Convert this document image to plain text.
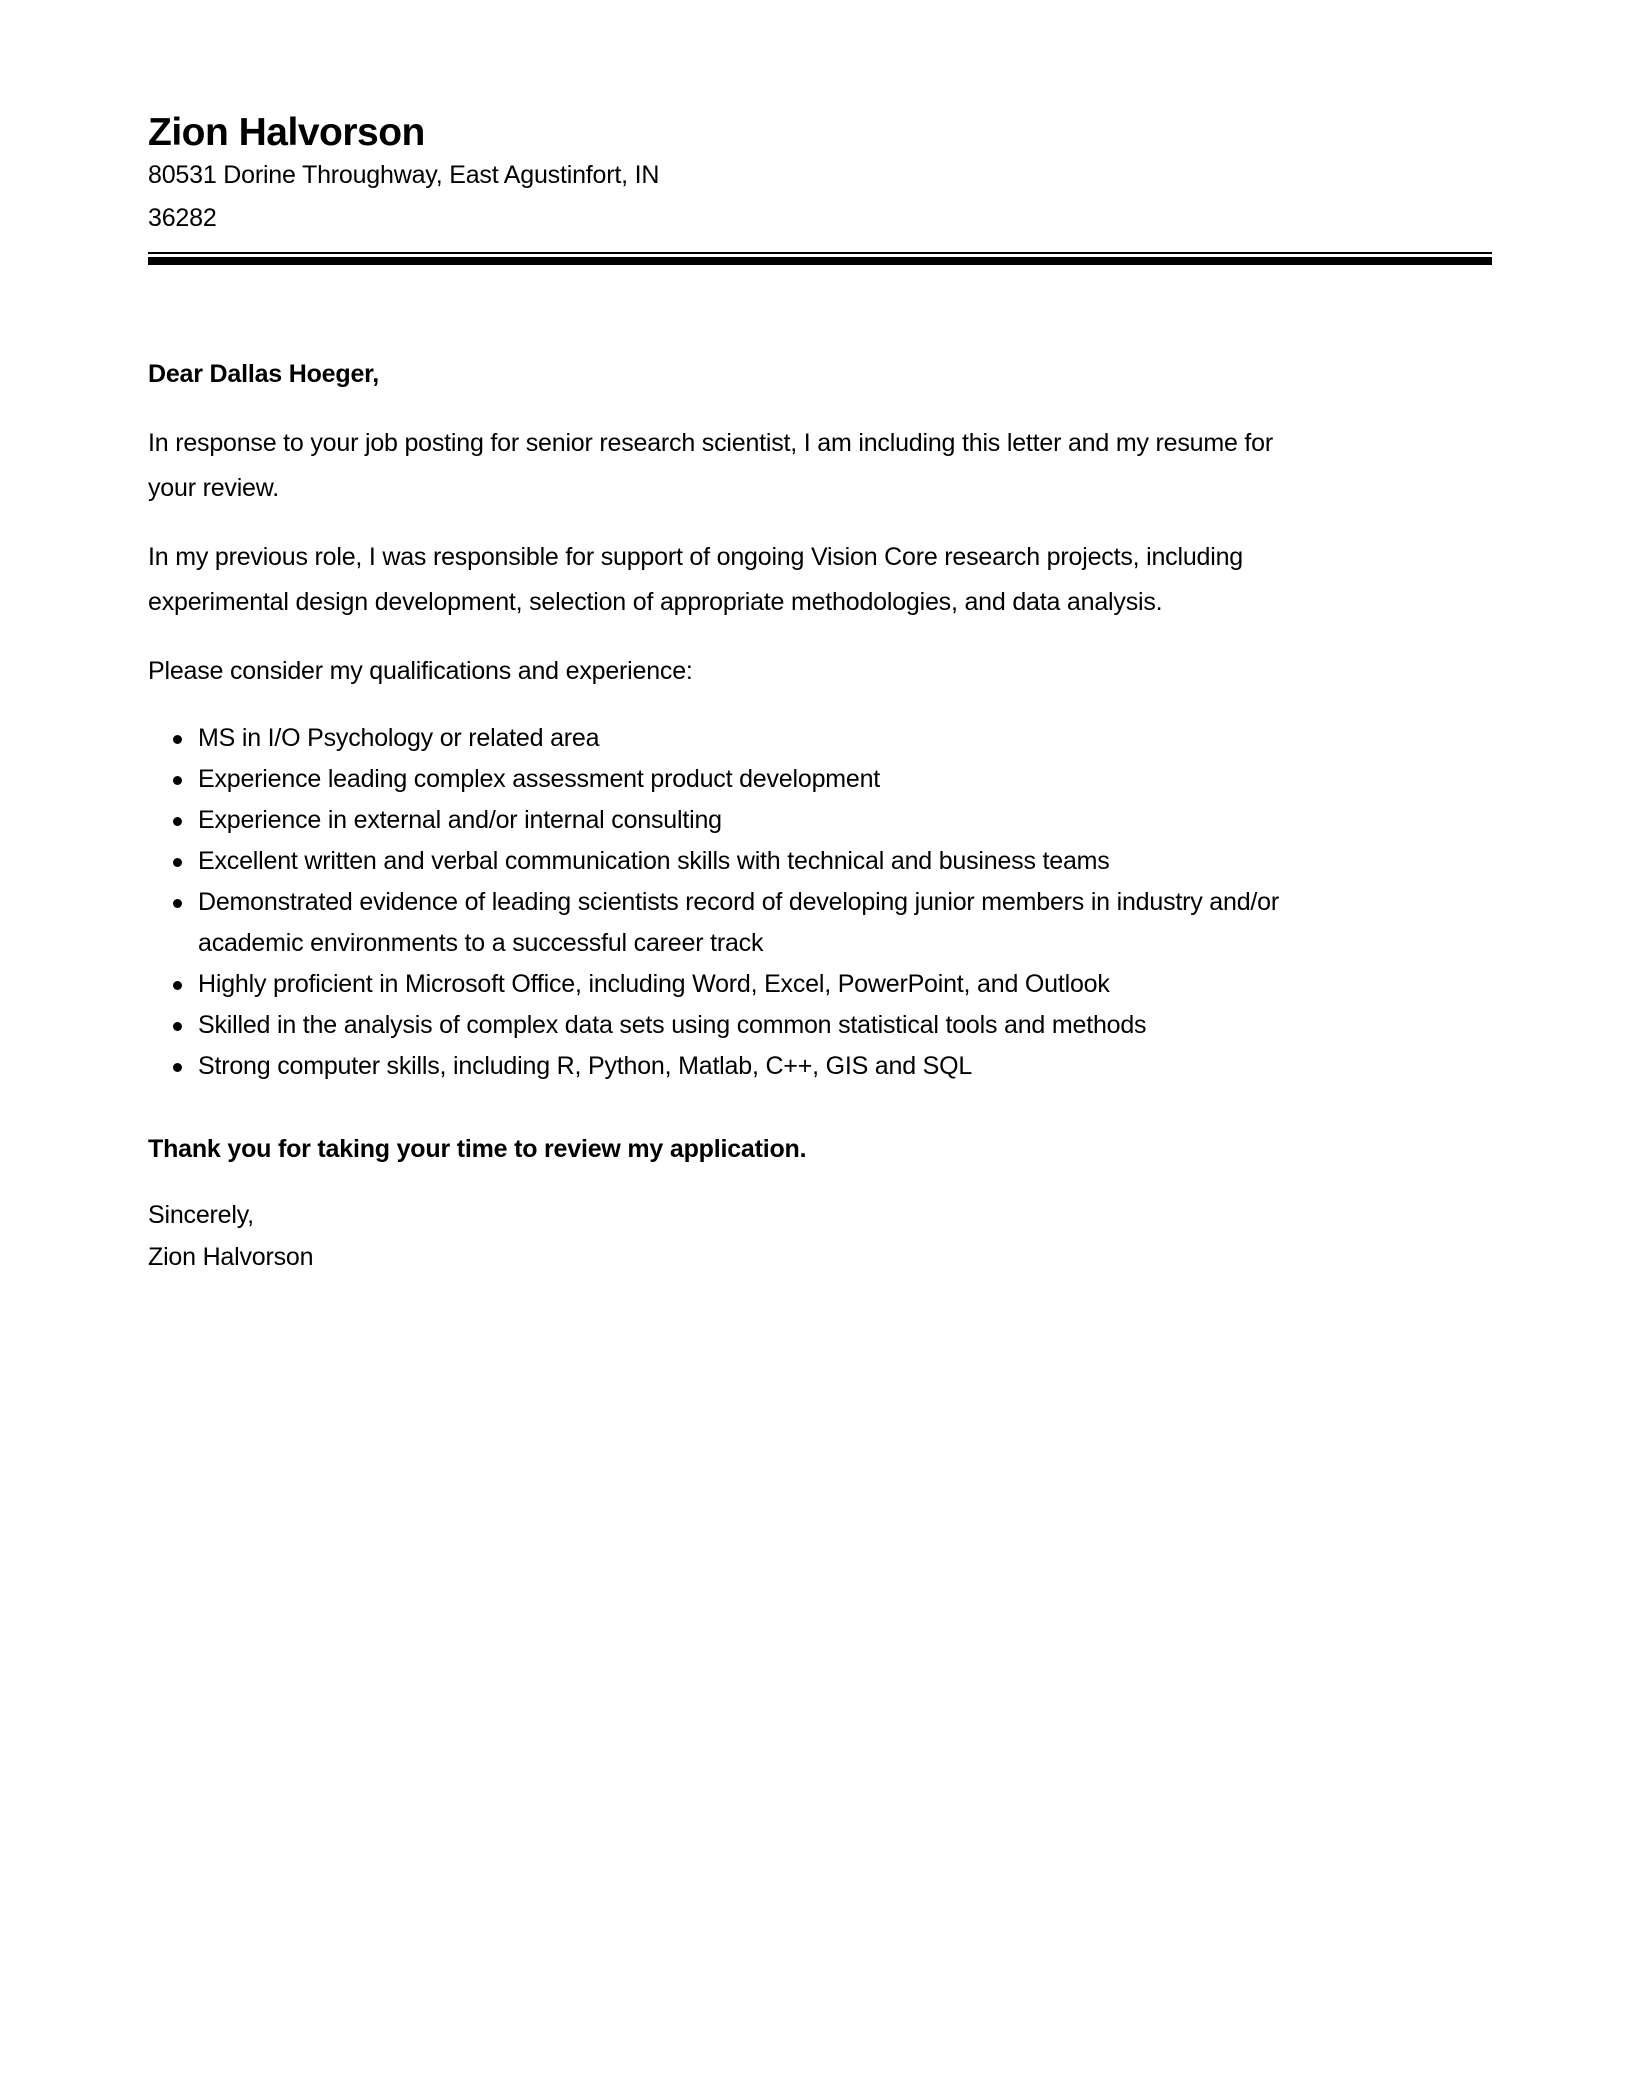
Zion Halvorson
80531 Dorine Throughway, East Agustinfort, IN
36282

Dear Dallas Hoeger,

In response to your job posting for senior research scientist, I am including this letter and my resume for
your review.

In my previous role, I was responsible for support of ongoing Vision Core research projects, including
experimental design development, selection of appropriate methodologies, and data analysis.

Please consider my qualifications and experience:

MS in I/O Psychology or related area
Experience leading complex assessment product development
Experience in external and/or internal consulting
Excellent written and verbal communication skills with technical and business teams
Demonstrated evidence of leading scientists record of developing junior members in industry and/or
academic environments to a successful career track
Highly proficient in Microsoft Office, including Word, Excel, PowerPoint, and Outlook
Skilled in the analysis of complex data sets using common statistical tools and methods
Strong computer skills, including R, Python, Matlab, C++, GIS and SQL

Thank you for taking your time to review my application.

Sincerely,
Zion Halvorson
